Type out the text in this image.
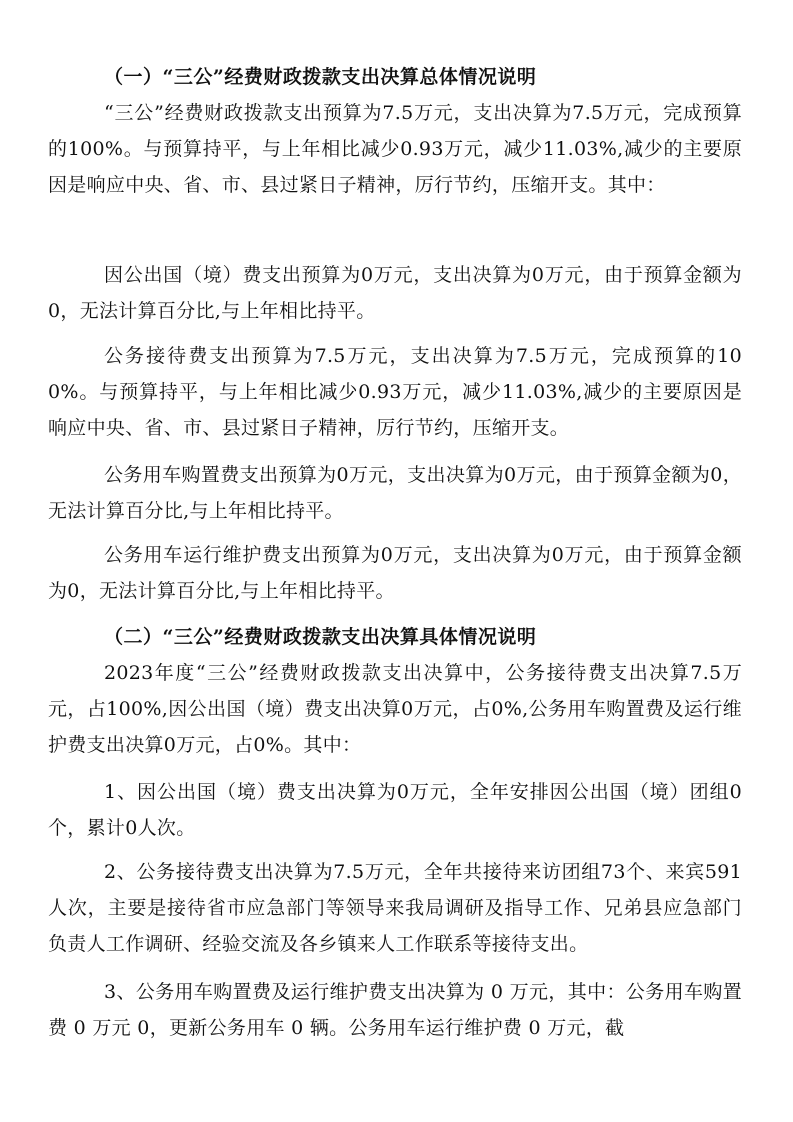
（一）“三公”经费财政拨款支出决算总体情况说明
“三公”经费财政拨款支出预算为7.5万元，支出决算为7.5万元，完成预算的100%。与预算持平，与上年相比减少0.93万元，减少11.03%,减少的主要原因是响应中央、省、市、县过紧日子精神，厉行节约，压缩开支。其中：
因公出国（境）费支出预算为0万元，支出决算为0万元，由于预算金额为0，无法计算百分比,与上年相比持平。
公务接待费支出预算为7.5万元，支出决算为7.5万元，完成预算的100%。与预算持平，与上年相比减少0.93万元，减少11.03%,减少的主要原因是响应中央、省、市、县过紧日子精神，厉行节约，压缩开支。
公务用车购置费支出预算为0万元，支出决算为0万元，由于预算金额为0，无法计算百分比,与上年相比持平。
公务用车运行维护费支出预算为0万元，支出决算为0万元，由于预算金额为0，无法计算百分比,与上年相比持平。
（二）“三公”经费财政拨款支出决算具体情况说明
2023年度“三公”经费财政拨款支出决算中，公务接待费支出决算7.5万元，占100%,因公出国（境）费支出决算0万元，占0%,公务用车购置费及运行维护费支出决算0万元，占0%。其中：
1、因公出国（境）费支出决算为0万元，全年安排因公出国（境）团组0个，累计0人次。
2、公务接待费支出决算为7.5万元，全年共接待来访团组73个、来宾591人次，主要是接待省市应急部门等领导来我局调研及指导工作、兄弟县应急部门负责人工作调研、经验交流及各乡镇来人工作联系等接待支出。
3、公务用车购置费及运行维护费支出决算为 0 万元，其中：公务用车购置费 0 万元 0，更新公务用车 0 辆。公务用车运行维护费 0 万元，截
